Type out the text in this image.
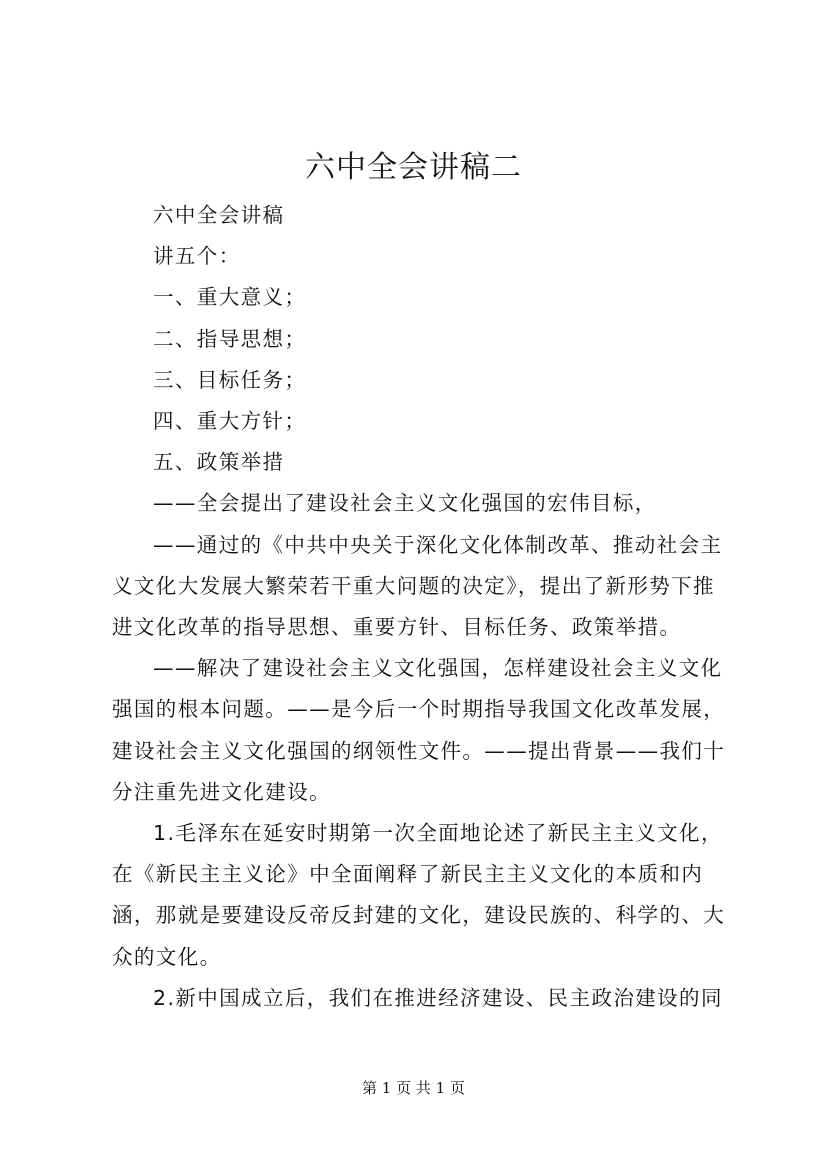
六中全会讲稿二

六中全会讲稿

讲五个：

一、重大意义；

二、指导思想；

三、目标任务；

四、重大方针；

五、政策举措

——全会提出了建设社会主义文化强国的宏伟目标，

——通过的《中共中央关于深化文化体制改革、推动社会主义文化大发展大繁荣若干重大问题的决定》，提出了新形势下推进文化改革的指导思想、重要方针、目标任务、政策举措。

——解决了建设社会主义文化强国，怎样建设社会主义文化强国的根本问题。——是今后一个时期指导我国文化改革发展，建设社会主义文化强国的纲领性文件。——提出背景——我们十分注重先进文化建设。

1.毛泽东在延安时期第一次全面地论述了新民主主义文化，在《新民主主义论》中全面阐释了新民主主义文化的本质和内涵，那就是要建设反帝反封建的文化，建设民族的、科学的、大众的文化。

2.新中国成立后，我们在推进经济建设、民主政治建设的同

第 1 页 共 1 页
